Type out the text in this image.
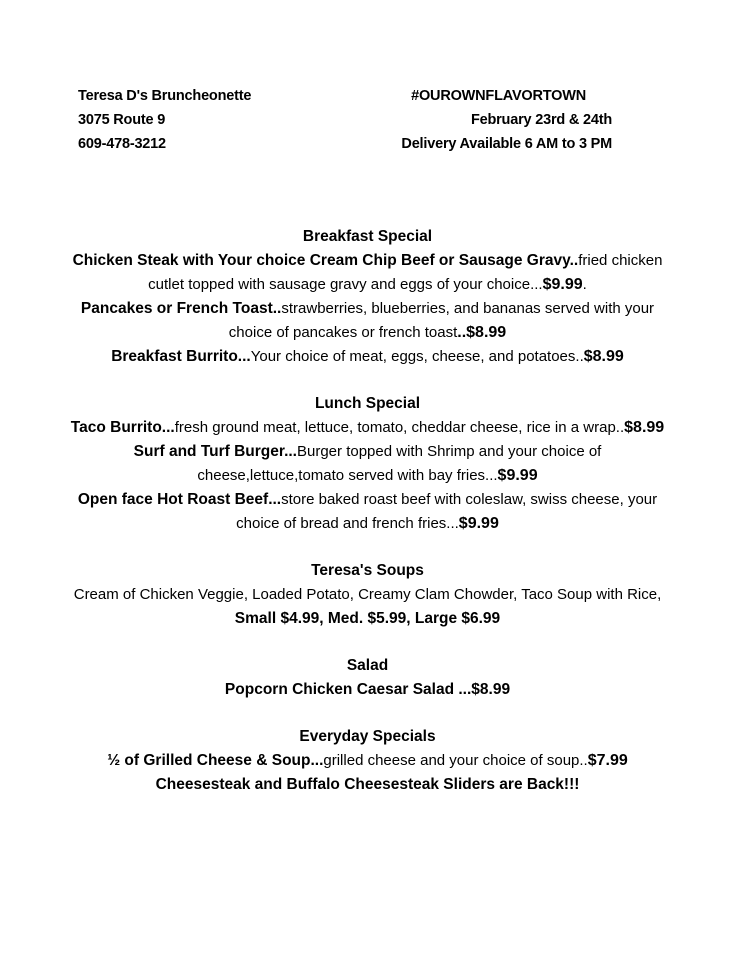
Teresa D's Bruncheonette
3075 Route 9
609-478-3212
#OUROWNFLAVORTOWN
February 23rd & 24th
Delivery Available 6 AM to 3 PM
Breakfast Special

Chicken Steak with Your choice Cream Chip Beef or Sausage Gravy..fried chicken cutlet topped with sausage gravy and eggs of your choice...$9.99.

Pancakes or French Toast..strawberries, blueberries, and bananas served with your choice of pancakes or french toast..$8.99

Breakfast Burrito...Your choice of meat, eggs, cheese, and potatoes..$8.99

Lunch Special

Taco Burrito...fresh ground meat, lettuce, tomato, cheddar cheese, rice in a wrap..$8.99

Surf and Turf Burger...Burger topped with Shrimp and your choice of cheese,lettuce,tomato served with bay fries...$9.99

Open face Hot Roast Beef...store baked roast beef with coleslaw, swiss cheese, your choice of bread and french fries...$9.99

Teresa's Soups

Cream of Chicken Veggie, Loaded Potato, Creamy Clam Chowder, Taco Soup with Rice,

Small $4.99, Med. $5.99, Large $6.99

Salad

Popcorn Chicken Caesar Salad ...$8.99

Everyday Specials

½ of Grilled Cheese & Soup...grilled cheese and your choice of soup..$7.99

Cheesesteak and Buffalo Cheesesteak Sliders are Back!!!
